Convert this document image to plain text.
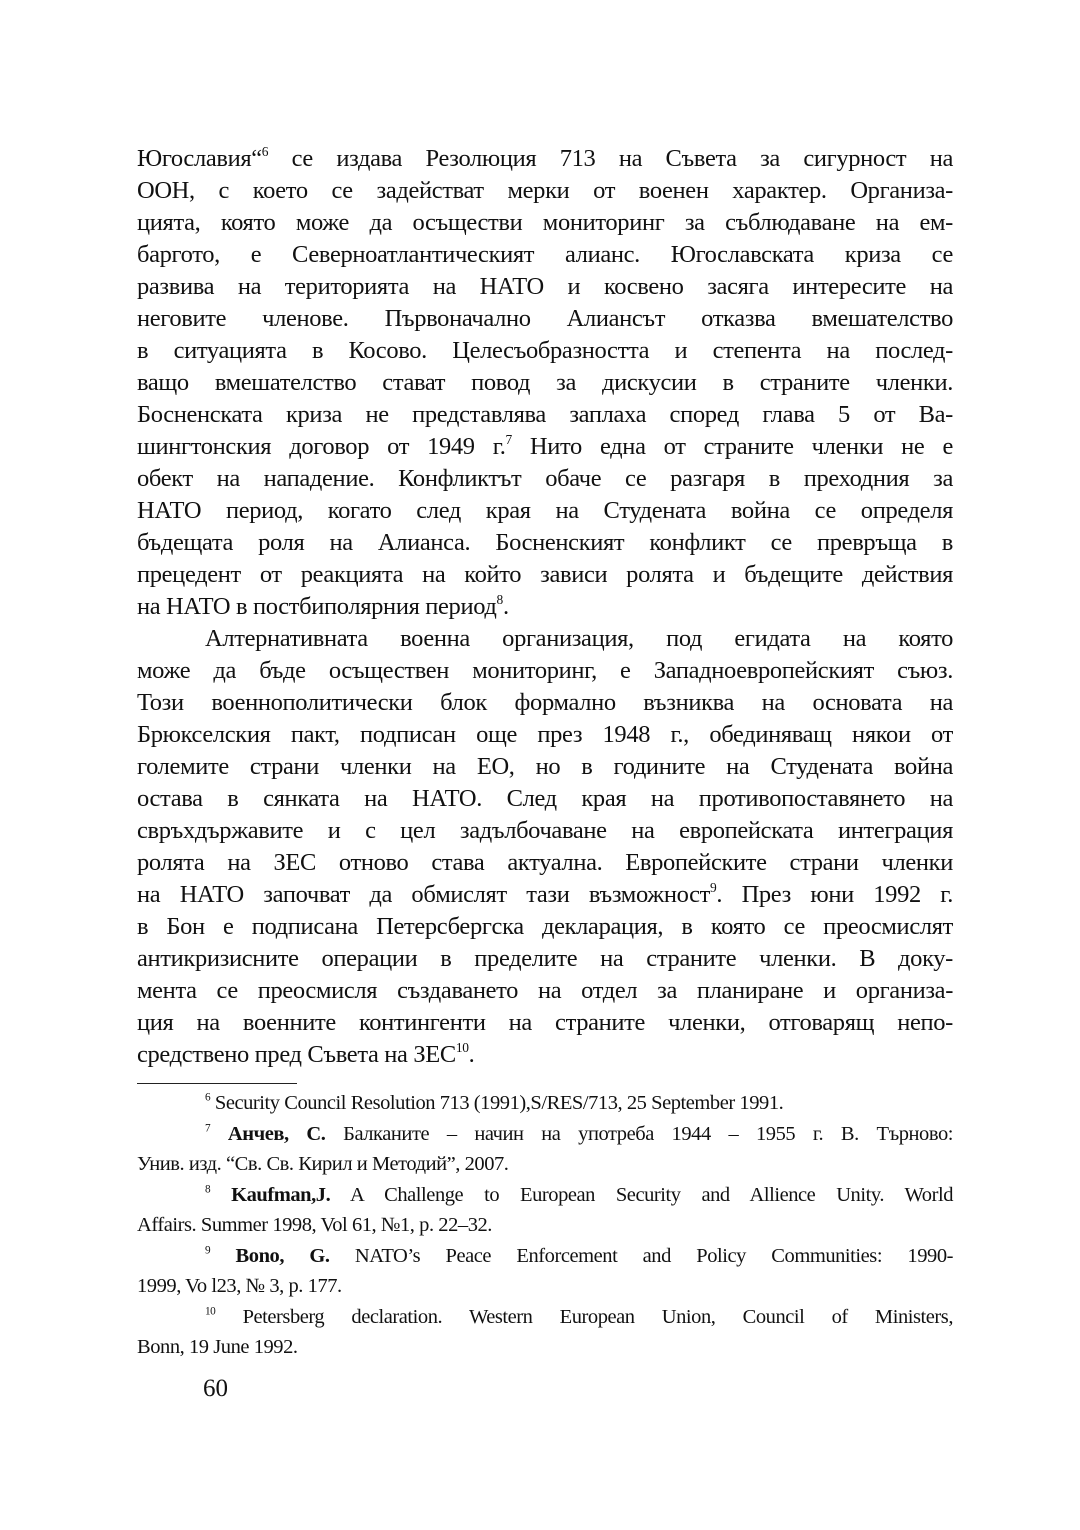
Югославия“$^6$ се издава Резолюция 713 на Съвета за сигурност на
ООН, с което се задействат мерки от военен характер. Организа-
цията, която може да осъществи мониторинг за съблюдаване на ем-
баргото, е Северноатлантическият алианс. Югославската криза се
развива на територията на НАТО и косвено засяга интересите на
неговите членове. Първоначално Алиансът отказва вмешателство
в ситуацията в Косово. Целесъобразността и степента на послед-
ващо вмешателство стават повод за дискусии в страните членки.
Босненската криза не представлява заплаха според глава 5 от Ва-
шингтонския договор от 1949 г.$^7$ Нито една от страните членки не е
обект на нападение. Конфликтът обаче се разгаря в преходния за
НАТО период, когато след края на Студената война се определя
бъдещата роля на Алианса. Босненският конфликт се превръща в
прецедент от реакцията на който зависи ролята и бъдещите действия
на НАТО в постбиполярния период$^8$.
Алтернативната военна организация, под егидата на която
може да бъде осъществен мониторинг, е Западноевропейският съюз.
Този военнополитически блок формално възниква на основата на
Брюкселския пакт, подписан още през 1948 г., обединяващ някои от
големите страни членки на ЕО, но в годините на Студената война
остава в сянката на НАТО. След края на противопоставянето на
свръхдържавите и с цел задълбочаване на европейската интеграция
ролята на ЗЕС отново става актуална. Европейските страни членки
на НАТО започват да обмислят тази възможност$^9$. През юни 1992 г.
в Бон е подписана Петерсбергска декларация, в която се преосмислят
антикризисните операции в пределите на страните членки. В доку-
мента се преосмисля създаването на отдел за планиране и организа-
ция на военните контингенти на страните членки, отговарящ непо-
средствено пред Съвета на ЗЕС$^{10}$.
$^6$ Security Council Resolution 713 (1991),S/RES/713, 25 September 1991.
$^7$ Анчев, С. Балканите – начин на употреба 1944 – 1955 г. В. Търново:
Унив. изд. “Св. Св. Кирил и Методий”, 2007.
$^8$ Kaufman,J. A Challenge to European Security and Allience Unity. World
Affairs. Summer 1998, Vol 61, №1, p. 22–32.
$^9$ Bono, G. NATO’s Peace Enforcement and Policy Communities: 1990-
1999, Vo l23, № 3, p. 177.
$^{10}$ Petersberg declaration. Western European Union, Council of Ministers,
Bonn, 19 June 1992.
60
